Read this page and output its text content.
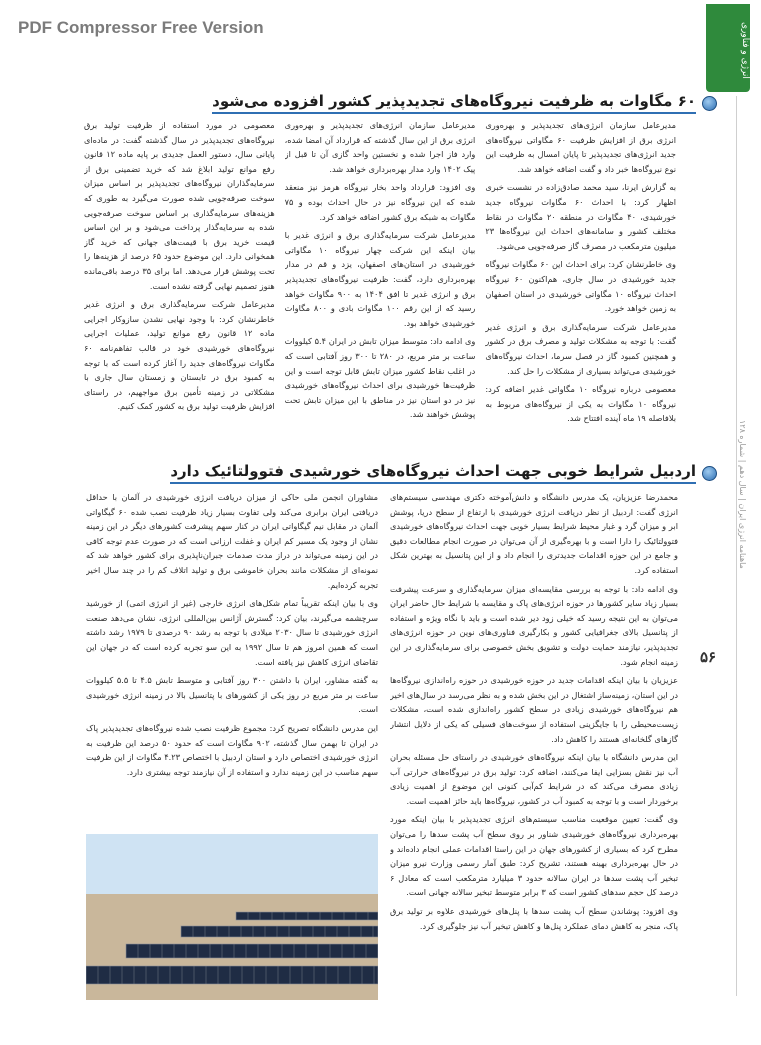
PDF Compressor Free Version	انرژی و فناوری
ماهنامه انرژی ایران | سال دهم | شماره ۱۲۸
۵۶
۶۰ مگاوات به ظرفیت نیروگاه‌های تجدیدپذیر کشور افزوده می‌شود

مدیرعامل سازمان انرژی‌های تجدیدپذیر و بهره‌وری انرژی برق از افزایش ظرفیت ۶۰ مگاواتی نیروگاه‌های جدید انرژی‌های تجدیدپذیر تا پایان امسال به ظرفیت این نوع نیروگاه‌ها خبر داد و گفت اضافه خواهد شد.

به گزارش ایرنا، سید محمد صادق‌زاده در نشست خبری اظهار کرد: با احداث ۶۰ مگاوات نیروگاه جدید خورشیدی، ۴۰ مگاوات در منطقه ۲۰ مگاوات در نقاط مختلف کشور و سامانه‌های احداث این نیروگاه‌ها ۲۳ میلیون مترمکعب در مصرف گاز صرفه‌جویی می‌شود.

وی خاطرنشان کرد: برای احداث این ۶۰ مگاوات نیروگاه جدید خورشیدی در سال جاری، هم‌اکنون ۶۰ نیروگاه احداث نیروگاه ۱۰ مگاواتی خورشیدی در استان اصفهان به زمین خواهد خورد.

مدیرعامل شرکت سرمایه‌گذاری برق و انرژی غدیر گفت: با توجه به مشکلات تولید و مصرف برق در کشور و همچنین کمبود گاز در فصل سرما، احداث نیروگاه‌های خورشیدی می‌تواند بسیاری از مشکلات را حل کند.

معصومی درباره نیروگاه ۱۰ مگاواتی غدیر اضافه کرد: نیروگاه ۱۰ مگاوات به یکی از نیروگاه‌های مربوط به بلافاصله ۱۹ ماه آینده افتتاح شد.

مدیرعامل سازمان انرژی‌های تجدیدپذیر و بهره‌وری انرژی برق از این سال گذشته که قرارداد آن امضا شده، وارد فاز اجرا شده و نخستین واحد گازی آن تا قبل از پیک ۱۴۰۲ وارد مدار بهره‌برداری خواهد شد.

وی افزود: قرارداد واحد بخار نیروگاه هرمز نیز منعقد شده که این نیروگاه نیز در حال احداث بوده و ۷۵ مگاوات به شبکه برق کشور اضافه خواهد کرد.

مدیرعامل شرکت سرمایه‌گذاری برق و انرژی غدیر با بیان اینکه این شرکت چهار نیروگاه ۱۰ مگاواتی خورشیدی در استان‌های اصفهان، یزد و قم در مدار بهره‌برداری دارد، گفت: ظرفیت نیروگاه‌های تجدیدپذیر برق و انرژی غدیر تا افق ۱۴۰۴ به ۹۰۰ مگاوات خواهد رسید که از این رقم ۱۰۰ مگاوات بادی و ۸۰۰ مگاوات خورشیدی خواهد بود.

وی ادامه داد: متوسط میزان تابش در ایران ۵.۴ کیلووات ساعت بر متر مربع، در ۲۸۰ تا ۳۰۰ روز آفتابی است که در اغلب نقاط کشور میزان تابش قابل توجه است و این ظرفیت‌ها خورشیدی برای احداث نیروگاه‌های خورشیدی نیز در دو استان نیز در مناطق با این میزان تابش تحت پوشش خواهند شد.

معصومی در مورد استفاده از ظرفیت تولید برق نیروگاه‌های تجدیدپذیر در سال گذشته گفت: در ماده‌ای پایانی سال، دستور العمل جدیدی بر پایه ماده ۱۲ قانون رفع موانع تولید ابلاغ شد که خرید تضمینی برق از سرمایه‌گذاران نیروگاه‌های تجدیدپذیر بر اساس میزان سوخت صرفه‌جویی شده صورت می‌گیرد به طوری که هزینه‌های سرمایه‌گذاری بر اساس سوخت صرفه‌جویی شده به سرمایه‌گذار پرداخت می‌شود و بر این اساس قیمت خرید برق با قیمت‌های جهانی که خرید گاز همخوانی دارد. این موضوع حدود ۶۵ درصد از هزینه‌ها را تحت پوشش قرار می‌دهد. اما برای ۳۵ درصد باقی‌مانده هنوز تصمیم نهایی گرفته نشده است.

مدیرعامل شرکت سرمایه‌گذاری برق و انرژی غدیر خاطرنشان کرد: با وجود نهایی نشدن سازوکار اجرایی ماده ۱۲ قانون رفع موانع تولید، عملیات اجرایی نیروگاه‌های خورشیدی خود در قالب تفاهم‌نامه ۶۰ مگاوات نیروگاه‌های جدید را آغاز کرده است که با توجه به کمبود برق در تابستان و زمستان سال جاری با مشکلاتی در زمینه تأمین برق مواجهیم، در راستای افزایش ظرفیت تولید برق به کشور کمک کنیم.

اردبیل شرایط خوبی جهت احداث نیروگاه‌های خورشیدی فتوولتائیک دارد

محمدرضا عزیزیان، یک مدرس دانشگاه و دانش‌آموخته دکتری مهندسی سیستم‌های انرژی گفت: اردبیل از نظر دریافت انرژی خورشیدی با ارتفاع از سطح دریا، پوشش ابر و میزان گرد و غبار محیط شرایط بسیار خوبی جهت احداث نیروگاه‌های خورشیدی فتوولتائیک را دارا است و با بهره‌گیری از آن می‌توان در صورت انجام مطالعات دقیق و جامع در این حوزه اقدامات جدیدتری را انجام داد و از این پتانسیل به بهترین شکل استفاده کرد.

وی ادامه داد: با توجه به بررسی مقایسه‌ای میزان سرمایه‌گذاری و سرعت پیشرفت بسیار زیاد سایر کشورها در حوزه انرژی‌های پاک و مقایسه با شرایط حال حاضر ایران می‌توان به این نتیجه رسید که خیلی زود دیر شده است و باید با نگاه ویژه و استفاده از پتانسیل بالای جغرافیایی کشور و بکارگیری فناوری‌های نوین در حوزه انرژی‌های تجدیدپذیر، نیازمند حمایت دولت و تشویق بخش خصوصی برای سرمایه‌گذاری در این زمینه انجام شود.

عزیزیان با بیان اینکه اقدامات جدید در حوزه خورشیدی در حوزه راه‌اندازی نیروگاه‌ها در این استان، زمینه‌ساز اشتغال در این بخش شده و به نظر می‌رسد در سال‌های اخیر هم نیروگاه‌های خورشیدی زیادی در سطح کشور راه‌اندازی شده است، مشکلات زیست‌محیطی را با جایگزینی استفاده از سوخت‌های فسیلی که یکی از دلایل انتشار گازهای گلخانه‌ای هستند را کاهش داد.

این مدرس دانشگاه با بیان اینکه نیروگاه‌های خورشیدی در راستای حل مسئله بحران آب نیز نقش بسزایی ایفا می‌کنند، اضافه کرد: تولید برق در نیروگاه‌های حرارتی آب زیادی مصرف می‌کند که در شرایط کم‌آبی کنونی این موضوع از اهمیت زیادی برخوردار است و با توجه به کمبود آب در کشور، نیروگاه‌ها باید حائز اهمیت است.

وی گفت: تعیین موقعیت مناسب سیستم‌های انرژی تجدیدپذیر با بیان اینکه مورد بهره‌برداری نیروگاه‌های خورشیدی شناور بر روی سطح آب پشت سدها را می‌توان مطرح کرد که بسیاری از کشورهای جهان در این راستا اقدامات عملی انجام داده‌اند و در حال بهره‌برداری بهینه هستند، تشریح کرد: طبق آمار رسمی وزارت نیرو میزان تبخیر آب پشت سدها در ایران سالانه حدود ۳ میلیارد مترمکعب است که معادل ۶ درصد کل حجم سدهای کشور است که ۳ برابر متوسط تبخیر سالانه جهانی است.

وی افزود: پوشاندن سطح آب پشت سدها با پنل‌های خورشیدی علاوه بر تولید برق پاک، منجر به کاهش دمای عملکرد پنل‌ها و کاهش تبخیر آب نیز جلوگیری کرد.

مشاوران انجمن ملی حاکی از میزان دریافت انرژی خورشیدی در آلمان با حداقل دریافتی ایران برابری می‌کند ولی تفاوت بسیار زیاد ظرفیت نصب شده ۶۰ گیگاواتی آلمان در مقابل نیم گیگاواتی ایران در کنار سهم پیشرفت کشورهای دیگر در این زمینه نشان از وجود یک مسیر کم ایران و غفلت ارزانی است که در صورت عدم توجه کافی در این زمینه می‌تواند در دراز مدت صدمات جبران‌ناپذیری برای کشور خواهد شد که نمونه‌ای از مشکلات مانند بحران خاموشی برق و تولید اتلاف کم را در چند سال اخیر تجربه کرده‌ایم.

وی با بیان اینکه تقریباً تمام شکل‌های انرژی خارجی (غیر از انرژی اتمی) از خورشید سرچشمه می‌گیرند، بیان کرد: گسترش آژانس بین‌المللی انرژی، نشان می‌دهد صنعت انرژی خورشیدی تا سال ۲۰۳۰ میلادی با توجه به رشد ۹۰ درصدی تا ۱۹۷۹ رشد داشته است که همین امروز هم تا سال ۱۹۹۲ به این سو تجربه کرده است که در جهان این تقاضای انرژی کاهش نیز یافته است.

به گفته مشاور، ایران با داشتن ۳۰۰ روز آفتابی و متوسط تابش ۴.۵ تا ۵.۵ کیلووات ساعت بر متر مربع در روز یکی از کشورهای با پتانسیل بالا در زمینه انرژی خورشیدی است.

این مدرس دانشگاه تصریح کرد: مجموع ظرفیت نصب شده نیروگاه‌های تجدیدپذیر پاک در ایران تا بهمن سال گذشته، ۹۰۲ مگاوات است که حدود ۵۰ درصد این ظرفیت به انرژی خورشیدی اختصاص دارد و استان اردبیل با اختصاص ۴.۲۳ مگاوات از این ظرفیت سهم مناسب در این زمینه ندارد و استفاده از آن نیازمند توجه بیشتری دارد.
